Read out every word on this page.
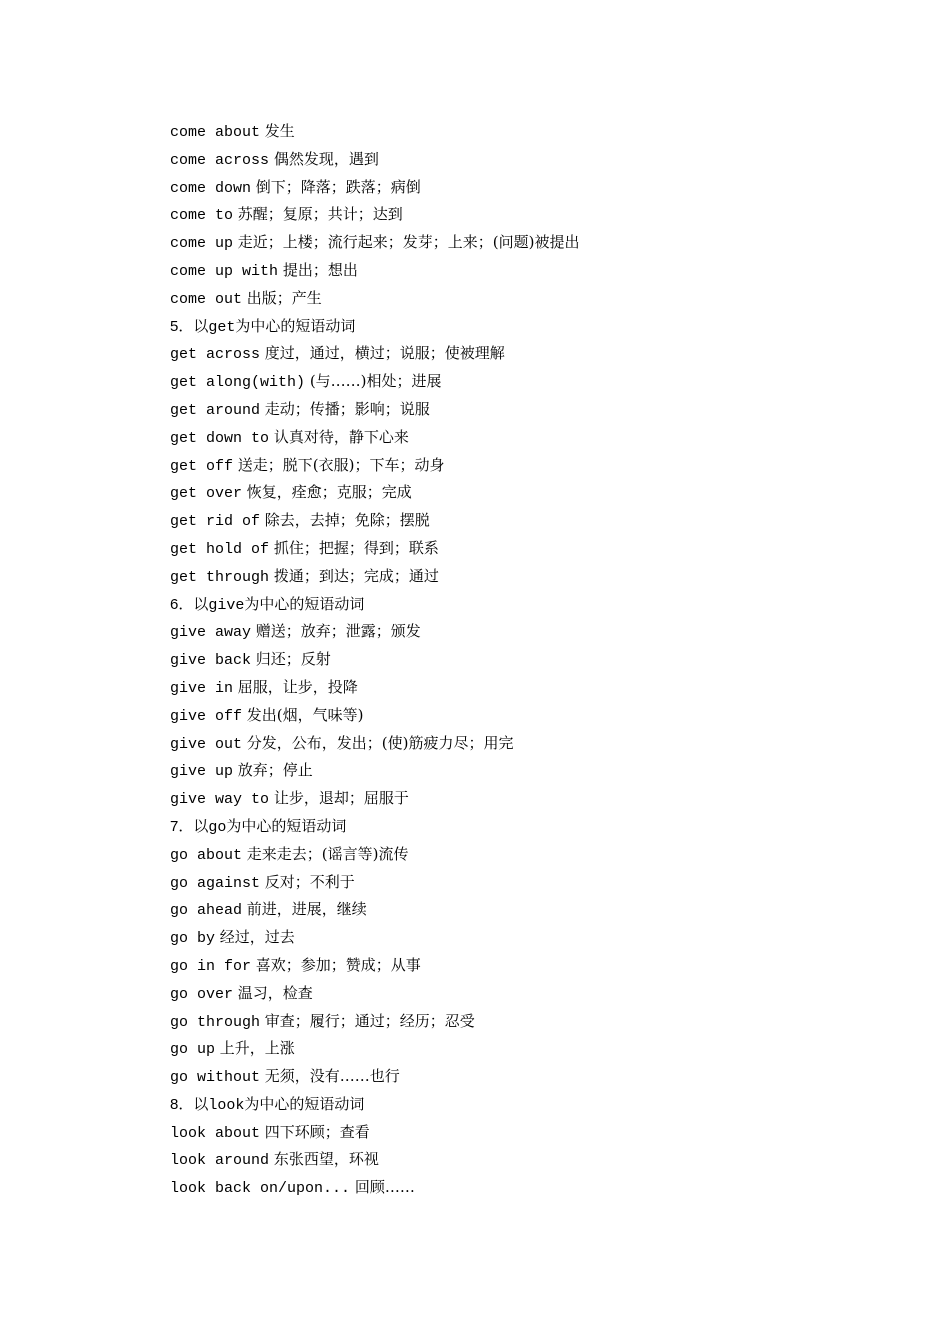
come about 发生
come across 偶然发现，遇到
come down 倒下；降落；跌落；病倒
come to 苏醒；复原；共计；达到
come up 走近；上楼；流行起来；发芽；上来；(问题)被提出
come up with 提出；想出
come out 出版；产生
5．以get为中心的短语动词
get across 度过，通过，横过；说服；使被理解
get along(with) (与……)相处；进展
get around 走动；传播；影响；说服
get down to 认真对待，静下心来
get off 送走；脱下(衣服)；下车；动身
get over 恢复，痊愈；克服；完成
get rid of 除去，去掉；免除；摆脱
get hold of 抓住；把握；得到；联系
get through 拨通；到达；完成；通过
6．以give为中心的短语动词
give away 赠送；放弃；泄露；颁发
give back 归还；反射
give in 屈服，让步，投降
give off 发出(烟，气味等)
give out 分发，公布，发出；(使)筋疲力尽；用完
give up 放弃；停止
give way to 让步，退却；屈服于
7．以go为中心的短语动词
go about 走来走去；(谣言等)流传
go against 反对；不利于
go ahead 前进，进展，继续
go by 经过，过去
go in for 喜欢；参加；赞成；从事
go over 温习，检查
go through 审查；履行；通过；经历；忍受
go up 上升，上涨
go without 无须，没有……也行
8．以look为中心的短语动词
look about 四下环顾；查看
look around 东张西望，环视
look back on/upon... 回顾……
